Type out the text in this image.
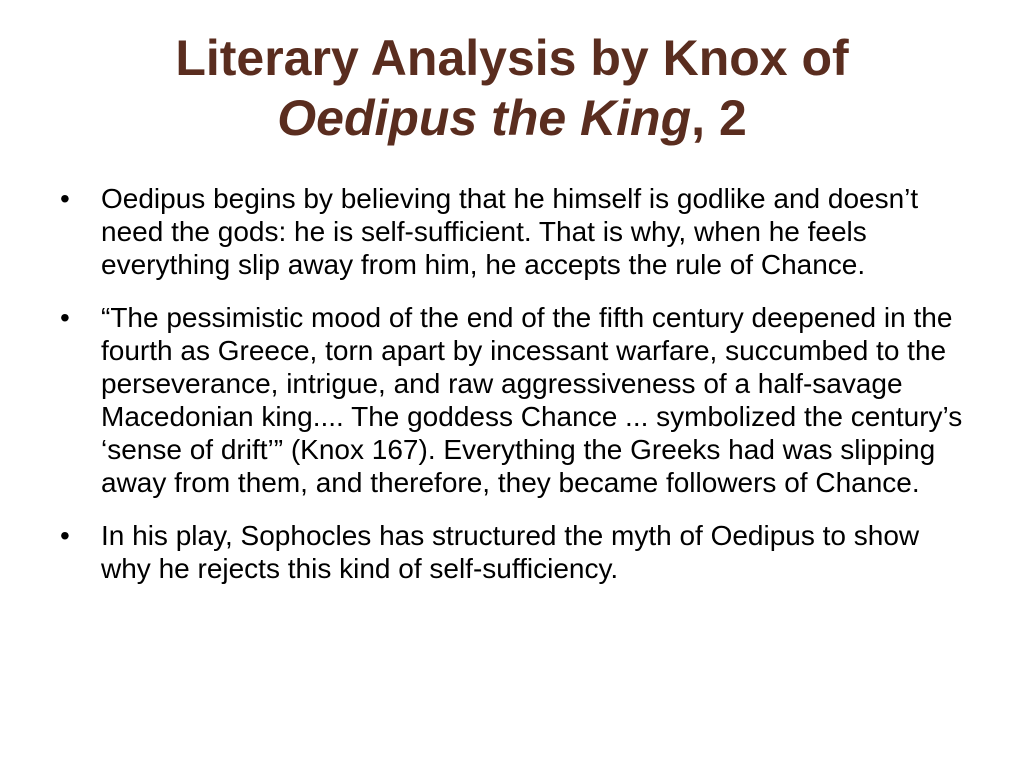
Literary Analysis by Knox of
Oedipus the King, 2
• Oedipus begins by believing that he himself is godlike and doesn’t need the gods: he is self-sufficient. That is why, when he feels everything slip away from him, he accepts the rule of Chance.
• “The pessimistic mood of the end of the fifth century deepened in the fourth as Greece, torn apart by incessant warfare, succumbed to the perseverance, intrigue, and raw aggressiveness of a half-savage Macedonian king.... The goddess Chance ... symbolized the century’s ‘sense of drift’” (Knox 167). Everything the Greeks had was slipping away from them, and therefore, they became followers of Chance.
• In his play, Sophocles has structured the myth of Oedipus to show why he rejects this kind of self-sufficiency.
